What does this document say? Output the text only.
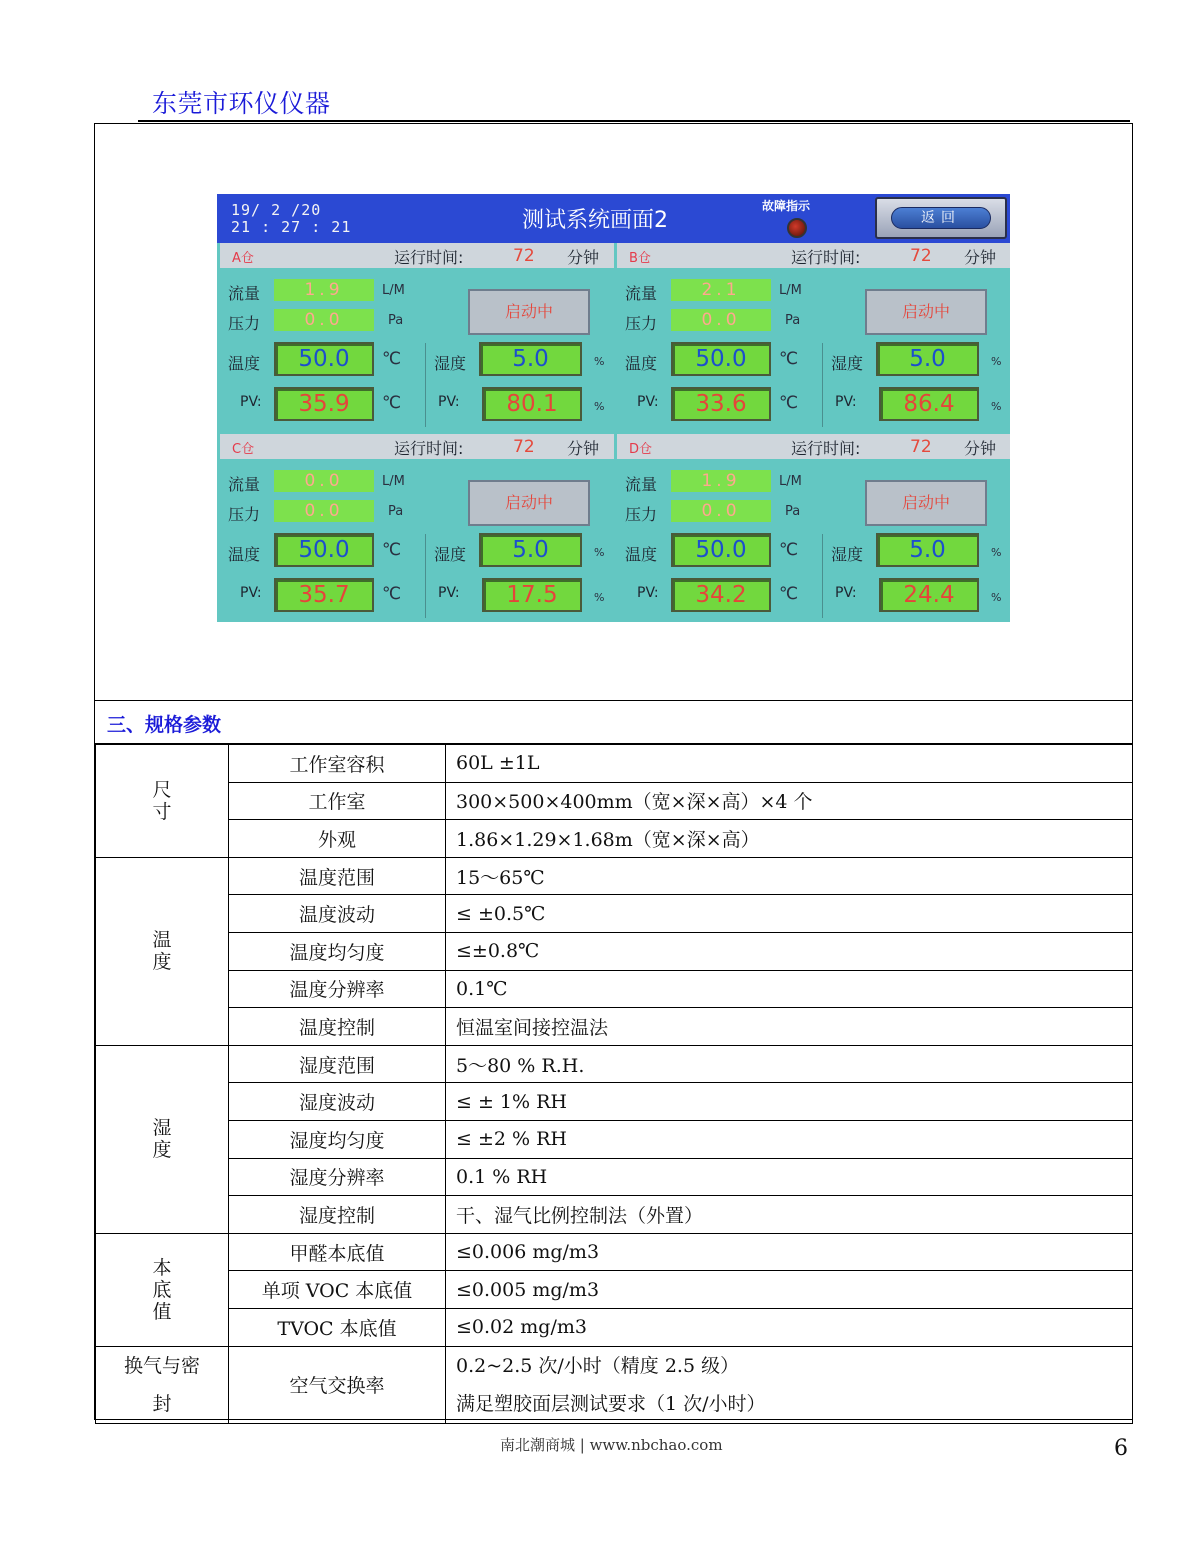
东莞市环仪仪器
19/ 2 /20
21 : 27 : 21	测试系统画面2
故障指示
返回
A仓	运行时间:	72 分钟
流量	1.9	L/M
压力	0.0	Pa	启动中
温度	50.0	℃ 湿度	5.0	%
PV:	35.9	℃	PV:	80.1	%
B仓	运行时间:	72 分钟
流量	2.1	L/M
压力	0.0	Pa	启动中
温度	50.0	℃ 湿度	5.0	%
PV:	33.6	℃	PV:	86.4	%
C仓	运行时间:	72 分钟
流量	0.0	L/M
压力	0.0	Pa	启动中
温度	50.0	℃ 湿度	5.0	%
PV:	35.7	℃	PV:	17.5	%
D仓	运行时间:	72 分钟
流量	1.9	L/M
压力	0.0	Pa	启动中
温度	50.0	℃ 湿度	5.0	%
PV:	34.2	℃	PV:	24.4	%
三、规格参数
尺寸	工作室容积	60L ±1L
	工作室	300×500×400mm（宽×深×高）×4 个
	外观	1.86×1.29×1.68m（宽×深×高）
温度	温度范围	15～65℃
	温度波动	≤ ±0.5℃
	温度均匀度	≤±0.8℃
	温度分辨率	0.1℃
	温度控制	恒温室间接控温法
湿度	湿度范围	5～80 % R.H.
	湿度波动	≤ ± 1% RH
	湿度均匀度	≤ ±2 % RH
	湿度分辨率	0.1 % RH
	湿度控制	干、湿气比例控制法（外置）
本底值	甲醛本底值	≤0.006 mg/m3
	单项 VOC 本底值	≤0.005 mg/m3
	TVOC 本底值	≤0.02 mg/m3
换气与密封	空气交换率	0.2~2.5 次/小时（精度 2.5 级）
满足塑胶面层测试要求（1 次/小时）
南北潮商城 | www.nbchao.com	6
